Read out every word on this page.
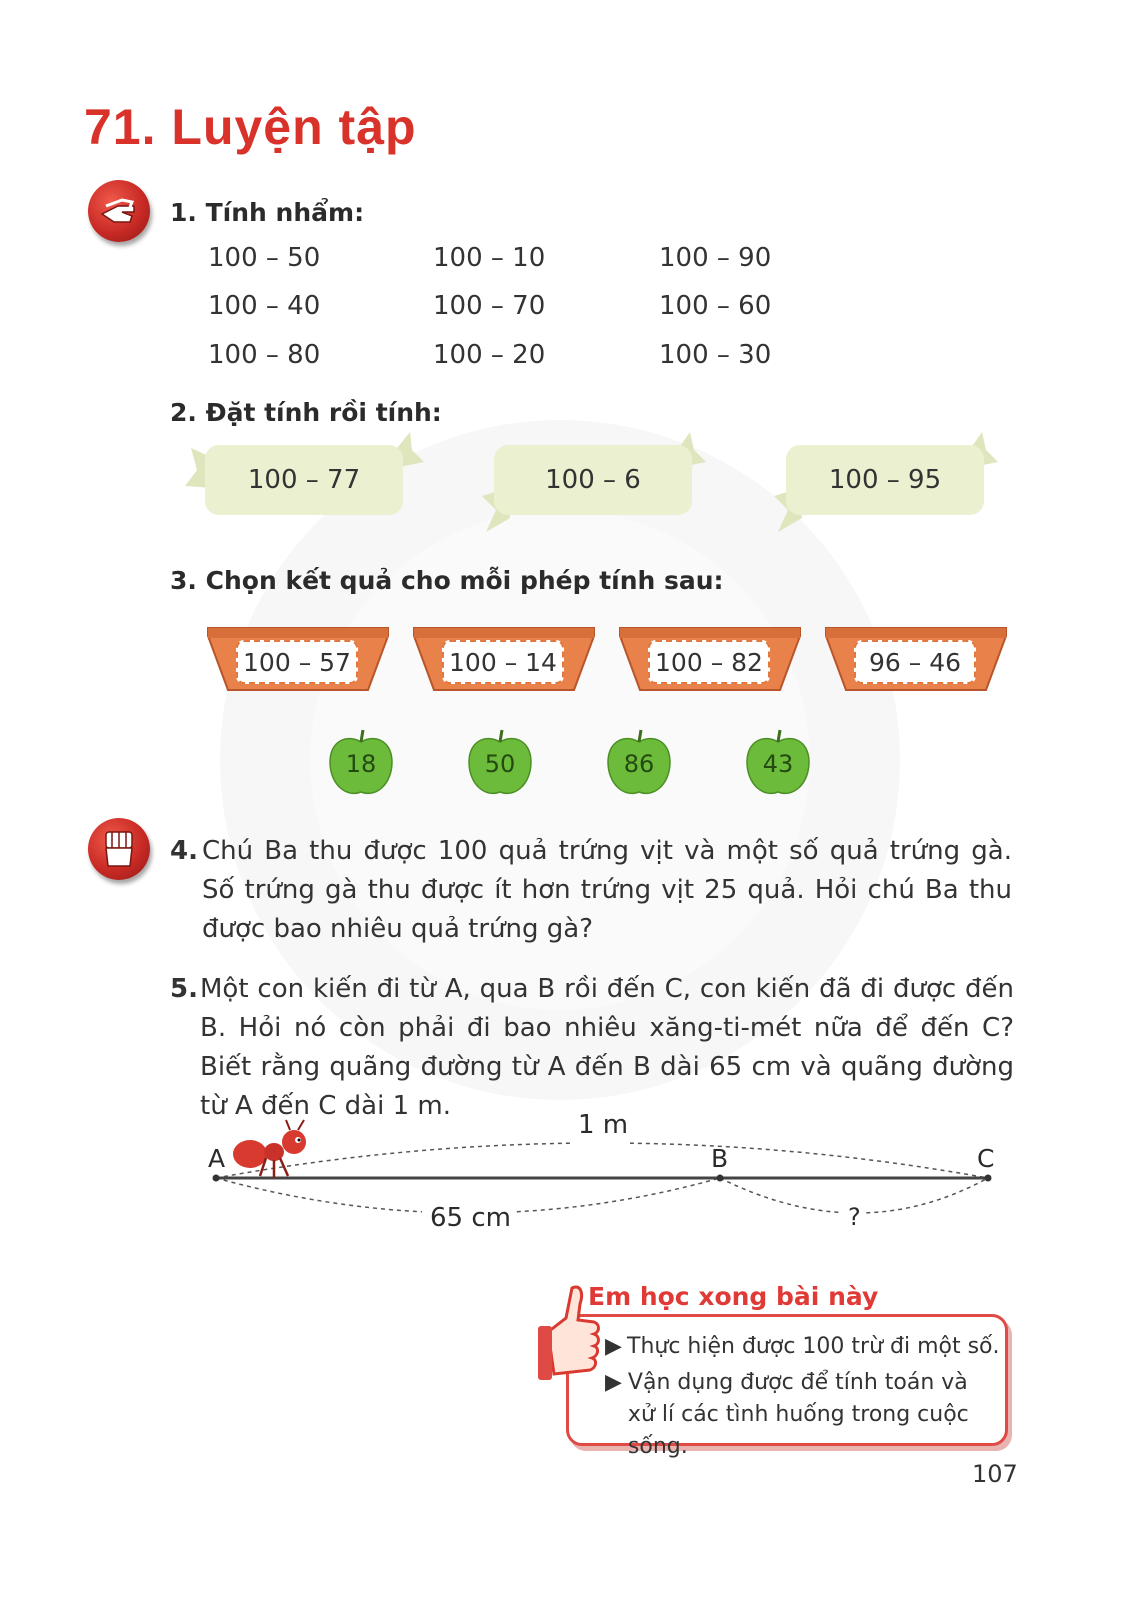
71. Luyện tập
1. Tính nhẩm:
100 – 50	100 – 10	100 – 90
100 – 40	100 – 70	100 – 60
100 – 80	100 – 20	100 – 30
2. Đặt tính rồi tính:
100 – 77	100 – 6	100 – 95
3. Chọn kết quả cho mỗi phép tính sau:
100 – 57	100 – 14	100 – 82	96 – 46
18	50	86	43
4. Chú Ba thu được 100 quả trứng vịt và một số quả trứng gà. Số trứng gà thu được ít hơn trứng vịt 25 quả. Hỏi chú Ba thu được bao nhiêu quả trứng gà?
5. Một con kiến đi từ A, qua B rồi đến C, con kiến đã đi được đến B. Hỏi nó còn phải đi bao nhiêu xăng-ti-mét nữa để đến C? Biết rằng quãng đường từ A đến B dài 65 cm và quãng đường từ A đến C dài 1 m.
A	B	C
1 m
65 cm	?
▶ Thực hiện được 100 trừ đi một số.
▶ Vận dụng được để tính toán và xử lí các tình huống trong cuộc sống.
Em học xong bài này
107
